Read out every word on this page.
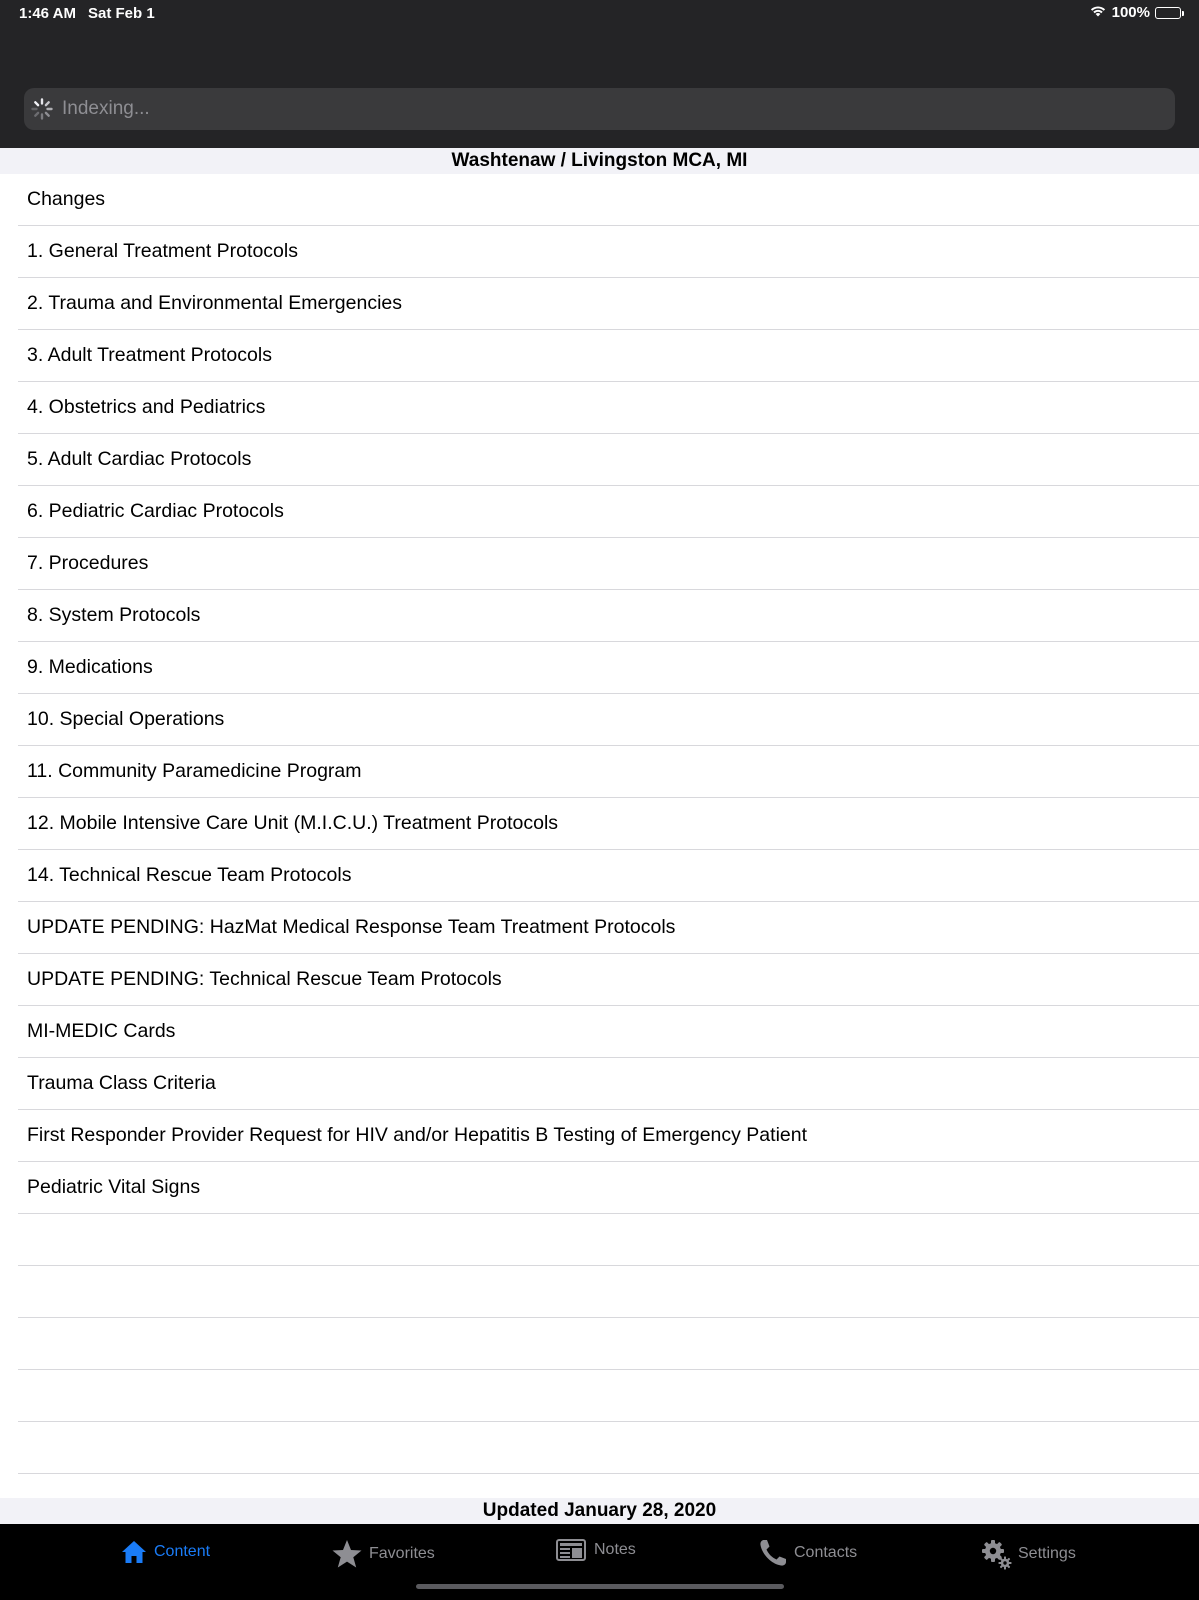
1:46 AM Sat Feb 1	100%
Indexing...
Washtenaw / Livingston MCA, MI
Changes
1. General Treatment Protocols
2. Trauma and Environmental Emergencies
3. Adult Treatment Protocols
4. Obstetrics and Pediatrics
5. Adult Cardiac Protocols
6. Pediatric Cardiac Protocols
7. Procedures
8. System Protocols
9. Medications
10. Special Operations
11. Community Paramedicine Program
12. Mobile Intensive Care Unit (M.I.C.U.) Treatment Protocols
14. Technical Rescue Team Protocols
UPDATE PENDING: HazMat Medical Response Team Treatment Protocols
UPDATE PENDING: Technical Rescue Team Protocols
MI-MEDIC Cards
Trauma Class Criteria
First Responder Provider Request for HIV and/or Hepatitis B Testing of Emergency Patient
Pediatric Vital Signs
Updated January 28, 2020
Content	Favorites	Notes	Contacts	Settings
